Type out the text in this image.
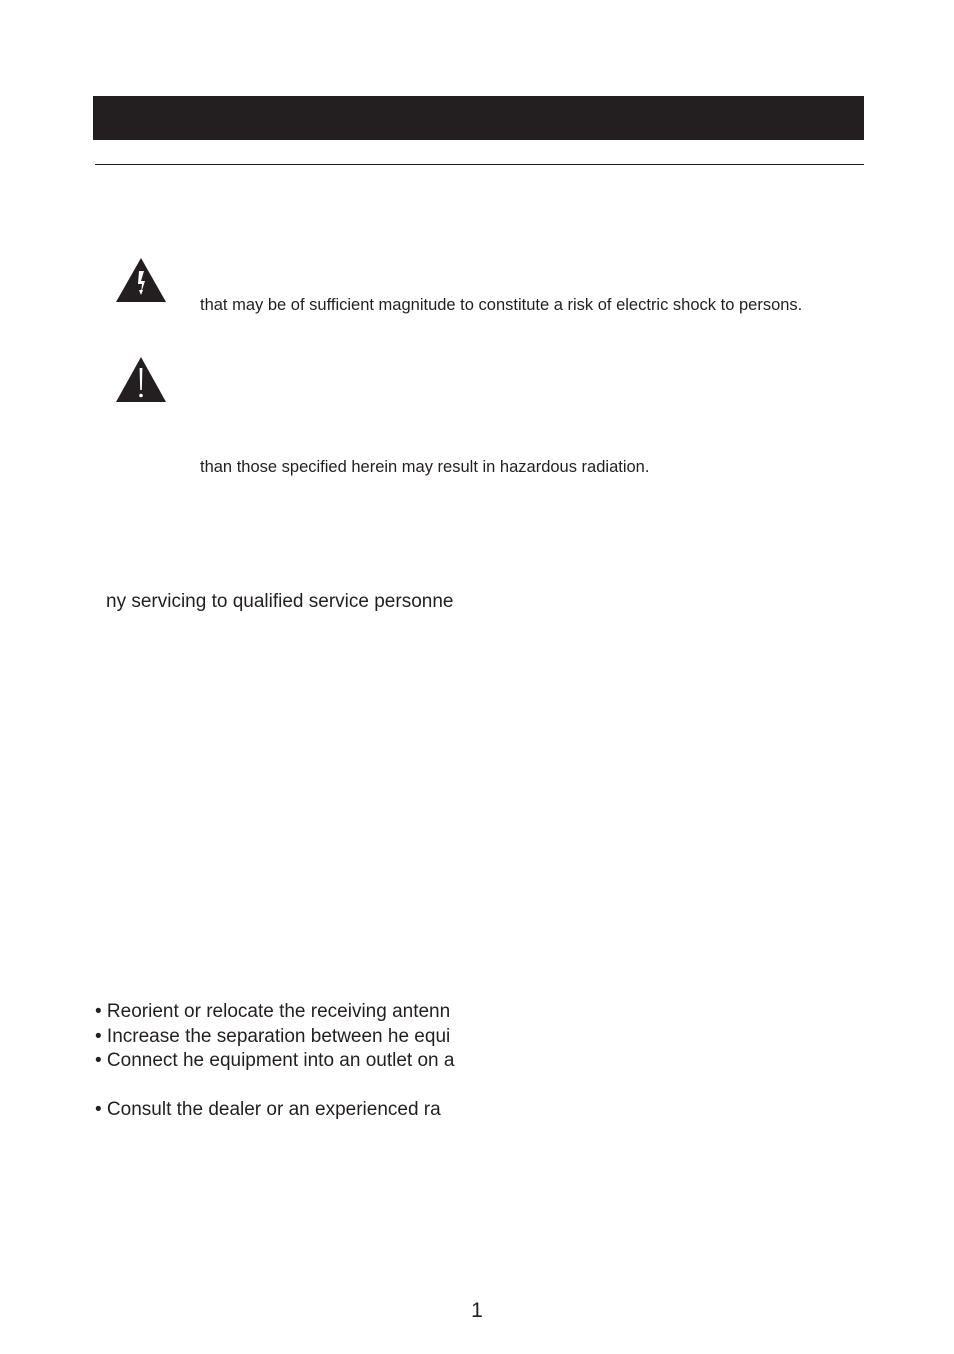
that may be of sufficient magnitude to constitute a risk of electric shock to persons.
than those specified herein may result in hazardous radiation.
ny servicing to qualified service personne
• Reorient or relocate the receiving antenn
• Increase the separation between he equi
• Connect he equipment into an outlet on a
• Consult the dealer or an experienced ra
1
